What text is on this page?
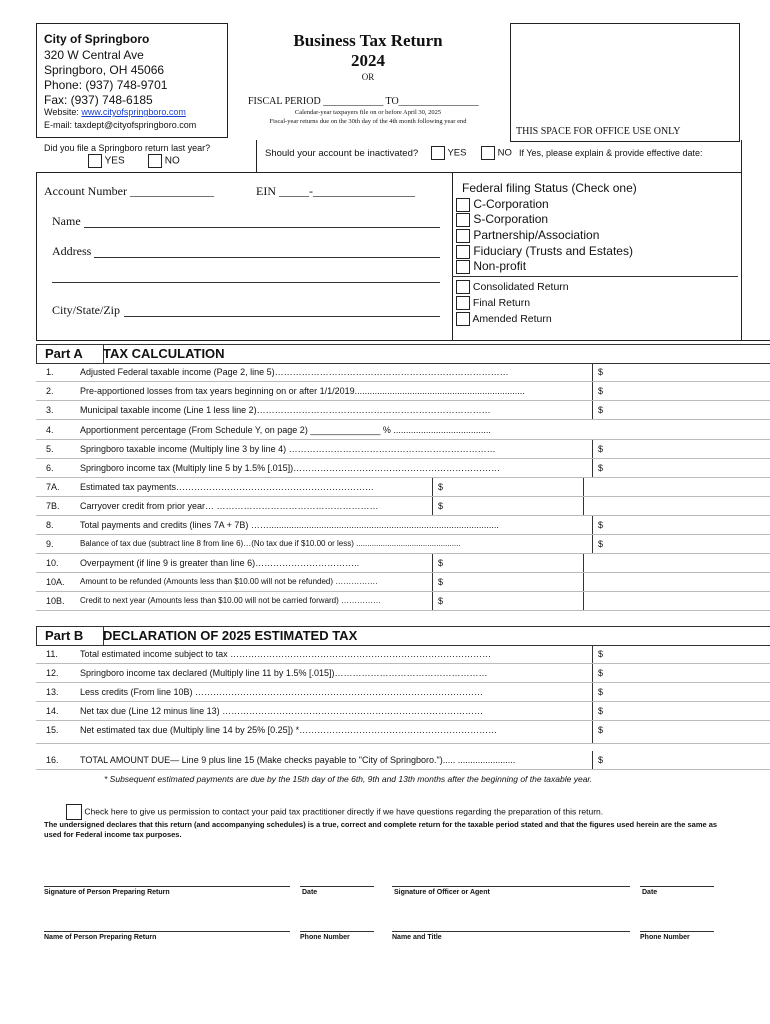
City of Springboro
320 W Central Ave
Springboro, OH 45066
Phone: (937) 748-9701
Fax: (937) 748-6185
Website: www.cityofspringboro.com
E-mail: taxdept@cityofspringboro.com
Business Tax Return
2024
OR
FISCAL PERIOD ____________ TO________________
Calendar-year taxpayers file on or before April 30, 2025
Fiscal-year returns due on the 30th day of the 4th month following year end
THIS SPACE FOR OFFICE USE ONLY
Did you file a Springboro return last year?
YES	NO
Should your account be inactivated?	YES	NO If Yes, please explain & provide effective date:
Account Number ______________	EIN _____-_________________
Name
Address
City/State/Zip
Federal filing Status (Check one)
C-Corporation
S-Corporation
Partnership/Association
Fiduciary (Trusts and Estates)
Non-profit
Consolidated Return
Final Return
Amended Return
Part A	TAX CALCULATION
1.	Adjusted Federal taxable income (Page 2, line 5)……………………………………………………………………	$
2.	Pre-apportioned losses from tax years beginning on or after 1/1/2019....................................................................	$
3.	Municipal taxable income (Line 1 less line 2)……………………………………………………………………	$
4.	Apportionment percentage (From Schedule Y, on page 2) ______________ % .......................................
5.	Springboro taxable income (Multiply line 3 by line 4) ……………………………………………………………	$
6.	Springboro income tax (Multiply line 5 by 1.5% [.015])……………………………………………………………	$
7A. Estimated tax payments…………………………………………………………	$
7B. Carryover credit from prior year… ………………………………………………	$
8.	Total payments and credits (lines 7A + 7B) ……............................................................................................	$
9.	Balance of tax due (subtract line 8 from line 6)…(No tax due if $10.00 or less) ...............................................	$
10. Overpayment (if line 9 is greater than line 6)……………………………..	$
10A. Amount to be refunded (Amounts less than $10.00 will not be refunded) …………….	$
10B. Credit to next year (Amounts less than $10.00 will not be carried forward) ……………	$
Part B	DECLARATION OF 2025 ESTIMATED TAX
11. Total estimated income subject to tax ……………………………………………………………………………	$
12. Springboro income tax declared (Multiply line 11 by 1.5% [.015])……………………………………………	$
13. Less credits (From line 10B) ……………………………………………………………………………………	$
14. Net tax due (Line 12 minus line 13) ……………………………………………………………………………	$
15. Net estimated tax due (Multiply line 14 by 25% [0.25]) *…………………………………………………………	$
16. TOTAL AMOUNT DUE— Line 9 plus line 15 (Make checks payable to "City of Springboro.")..... .......................	$
* Subsequent estimated payments are due by the 15th day of the 6th, 9th and 13th months after the beginning of the taxable year.
Check here to give us permission to contact your paid tax practitioner directly if we have questions regarding the preparation of this return.
The undersigned declares that this return (and accompanying schedules) is a true, correct and complete return for the taxable period stated and that the figures used herein are the same as used for Federal income tax purposes.
Signature of Person Preparing Return	Date	Signature of Officer or Agent	Date
Name of Person Preparing Return	Phone Number	Name and Title	Phone Number
